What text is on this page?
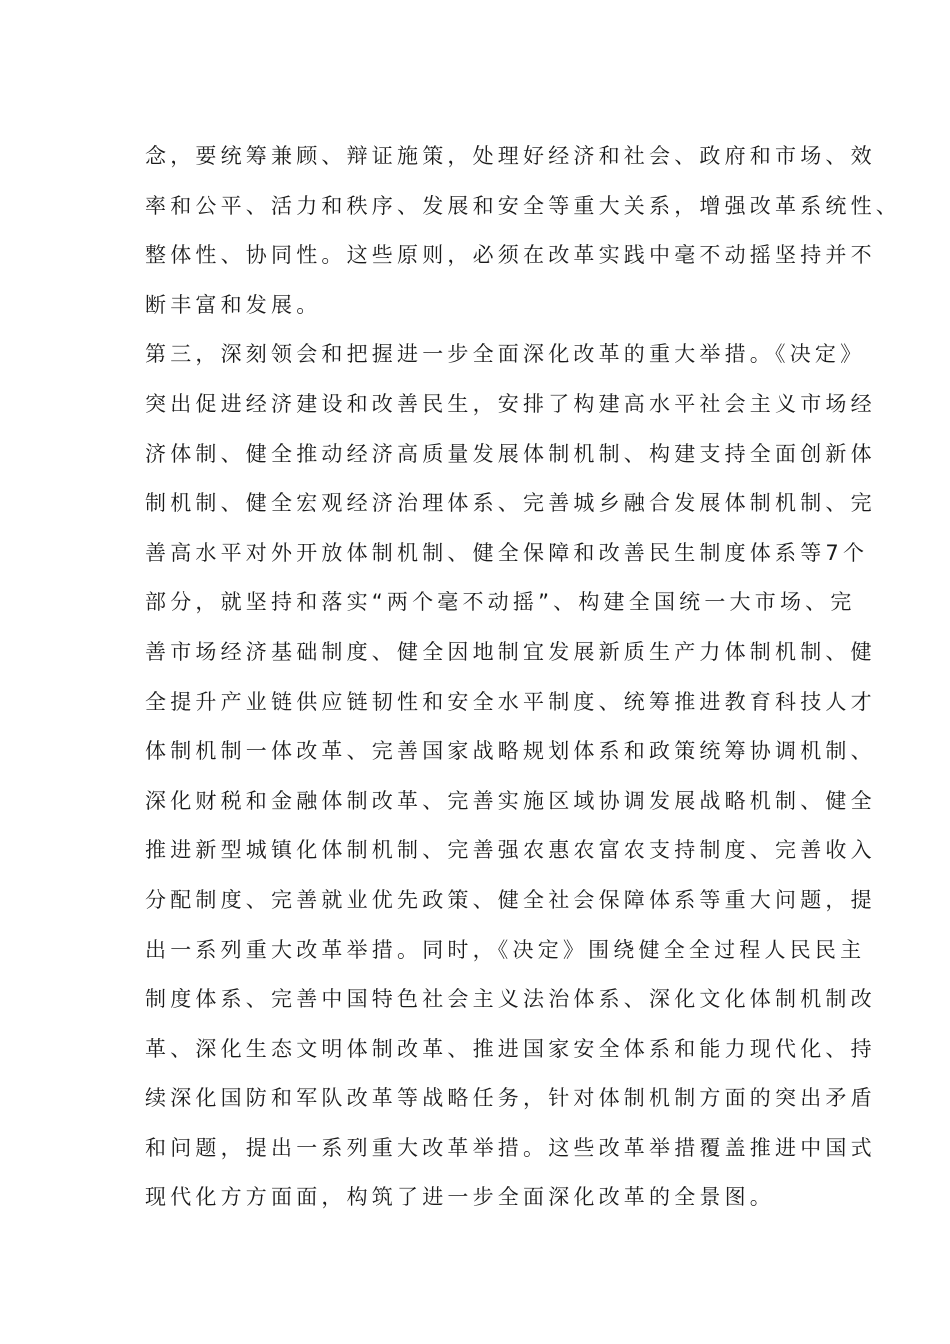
念，要统筹兼顾、辩证施策，处理好经济和社会、政府和市场、效
率和公平、活力和秩序、发展和安全等重大关系，增强改革系统性、
整体性、协同性。这些原则，必须在改革实践中毫不动摇坚持并不
断丰富和发展。
第三，深刻领会和把握进一步全面深化改革的重大举措。《决定》
突出促进经济建设和改善民生，安排了构建高水平社会主义市场经
济体制、健全推动经济高质量发展体制机制、构建支持全面创新体
制机制、健全宏观经济治理体系、完善城乡融合发展体制机制、完
善高水平对外开放体制机制、健全保障和改善民生制度体系等7个
部分，就坚持和落实“两个毫不动摇”、构建全国统一大市场、完
善市场经济基础制度、健全因地制宜发展新质生产力体制机制、健
全提升产业链供应链韧性和安全水平制度、统筹推进教育科技人才
体制机制一体改革、完善国家战略规划体系和政策统筹协调机制、
深化财税和金融体制改革、完善实施区域协调发展战略机制、健全
推进新型城镇化体制机制、完善强农惠农富农支持制度、完善收入
分配制度、完善就业优先政策、健全社会保障体系等重大问题，提
出一系列重大改革举措。同时，《决定》围绕健全全过程人民民主
制度体系、完善中国特色社会主义法治体系、深化文化体制机制改
革、深化生态文明体制改革、推进国家安全体系和能力现代化、持
续深化国防和军队改革等战略任务，针对体制机制方面的突出矛盾
和问题，提出一系列重大改革举措。这些改革举措覆盖推进中国式
现代化方方面面，构筑了进一步全面深化改革的全景图。
